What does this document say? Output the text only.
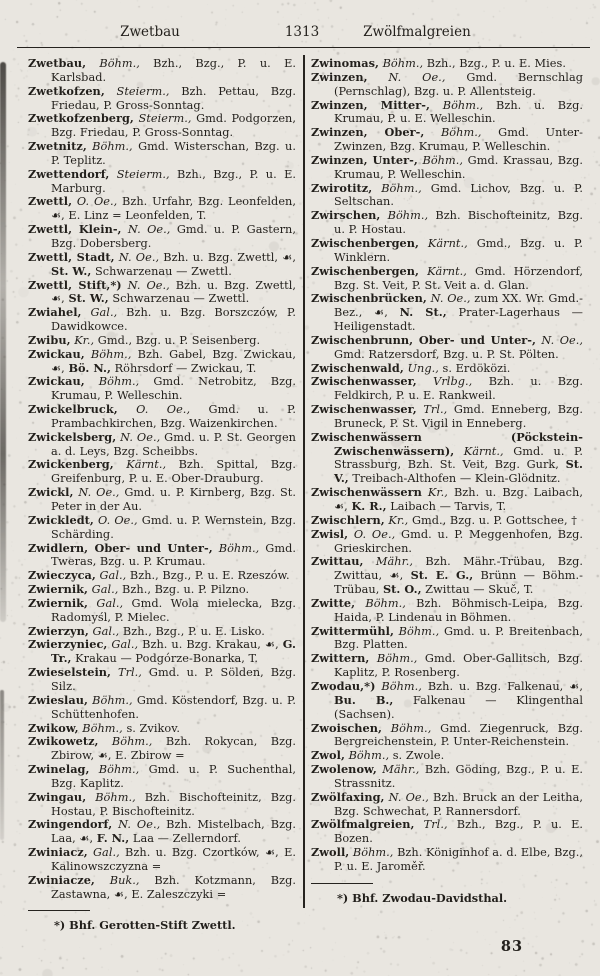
Zwetbau	1313	Zwölfmalgreien

Zwetbau, Böhm., Bzh., Bzg., P. u. E. Karlsbad.

Zwetkofzen, Steierm., Bzh. Pettau, Bzg. Friedau, P. Gross-Sonntag.

Zwetkofzenberg, Steierm., Gmd. Podgorzen, Bzg. Friedau, P. Gross-Sonntag.

Zwetnitz, Böhm., Gmd. Wisterschan, Bzg. u. P. Teplitz.

Zwettendorf, Steierm., Bzh., Bzg., P. u. E. Marburg.

Zwettl, O. Oe., Bzh. Urfahr, Bzg. Leonfelden, ☙, E. Linz = Leonfelden, T.

Zwettl, Klein-, N. Oe., Gmd. u. P. Gastern, Bzg. Dobersberg.

Zwettl, Stadt, N. Oe., Bzh. u. Bzg. Zwettl, ☙, St. W., Schwarzenau — Zwettl.

Zwettl, Stift,*) N. Oe., Bzh. u. Bzg. Zwettl, ☙, St. W., Schwarzenau — Zwettl.

Zwiahel, Gal., Bzh. u. Bzg. Borszczów, P. Dawidkowce.

Zwibu, Kr., Gmd., Bzg. u. P. Seisenberg.

Zwickau, Böhm., Bzh. Gabel, Bzg. Zwickau, ☙, Bö. N., Röhrsdorf — Zwickau, T.

Zwickau, Böhm., Gmd. Netrobitz, Bzg. Krumau, P. Welleschin.

Zwickelbruck, O. Oe., Gmd. u. P. Prambachkirchen, Bzg. Waizenkirchen.

Zwickelsberg, N. Oe., Gmd. u. P. St. Georgen a. d. Leys, Bzg. Scheibbs.

Zwickenberg, Kärnt., Bzh. Spittal, Bzg. Greifenburg, P. u. E. Ober-Drauburg.

Zwickl, N. Oe., Gmd. u. P. Kirnberg, Bzg. St. Peter in der Au.

Zwickledt, O. Oe., Gmd. u. P. Wernstein, Bzg. Schärding.

Zwidlern, Ober- und Unter-, Böhm., Gmd. Tweras, Bzg. u. P. Krumau.

Zwieczyca, Gal., Bzh., Bzg., P. u. E. Rzeszów.

Zwiernik, Gal., Bzh., Bzg. u. P. Pilzno.

Zwiernik, Gal., Gmd. Wola mielecka, Bzg. Radomyśl, P. Mielec.

Zwierzyn, Gal., Bzh., Bzg., P. u. E. Lisko.

Zwierzyniec, Gal., Bzh. u. Bzg. Krakau, ☙, G. Tr., Krakau — Podgórze-Bonarka, T.

Zwieselstein, Trl., Gmd. u. P. Sölden, Bzg. Silz.

Zwieslau, Böhm., Gmd. Köstendorf, Bzg. u. P. Schüttenhofen.

Zwikow, Böhm., s. Zvikov.

Zwikowetz, Böhm., Bzh. Rokycan, Bzg. Zbirow, ☙, E. Zbirow =

Zwinelag, Böhm., Gmd. u. P. Suchenthal, Bzg. Kaplitz.

Zwingau, Böhm., Bzh. Bischofteinitz, Bzg. Hostau, P. Bischofteinitz.

Zwingendorf, N. Oe., Bzh. Mistelbach, Bzg. Laa, ☙, F. N., Laa — Zellerndorf.

Zwiniacz, Gal., Bzh. u. Bzg. Czortków, ☙, E. Kalinowszczyzna =

Zwiniacze, Buk., Bzh. Kotzmann, Bzg. Zastawna, ☙, E. Zaleszczyki =

*) Bhf. Gerotten-Stift Zwettl.

Zwinomas, Böhm., Bzh., Bzg., P. u. E. Mies.

Zwinzen, N. Oe., Gmd. Bernschlag (Pernschlag), Bzg. u. P. Allentsteig.

Zwinzen, Mitter-, Böhm., Bzh. u. Bzg. Krumau, P. u. E. Welleschin.

Zwinzen, Ober-, Böhm., Gmd. Unter-Zwinzen, Bzg. Krumau, P. Welleschin.

Zwinzen, Unter-, Böhm., Gmd. Krassau, Bzg. Krumau, P. Welleschin.

Zwirotitz, Böhm., Gmd. Lichov, Bzg. u. P. Seltschan.

Zwirschen, Böhm., Bzh. Bischofteinitz, Bzg. u. P. Hostau.

Zwischenbergen, Kärnt., Gmd., Bzg. u. P. Winklern.

Zwischenbergen, Kärnt., Gmd. Hörzendorf, Bzg. St. Veit, P. St. Veit a. d. Glan.

Zwischenbrücken, N. Oe., zum XX. Wr. Gmd.-Bez., ☙, N. St., Prater-Lagerhaus — Heiligenstadt.

Zwischenbrunn, Ober- und Unter-, N. Oe., Gmd. Ratzersdorf, Bzg. u. P. St. Pölten.

Zwischenwald, Ung., s. Erdöközi.

Zwischenwasser, Vrlbg., Bzh. u. Bzg. Feldkirch, P. u. E. Rankweil.

Zwischenwasser, Trl., Gmd. Enneberg, Bzg. Bruneck, P. St. Vigil in Enneberg.

Zwischenwässern (Pöckstein-Zwischenwässern), Kärnt., Gmd. u. P. Strassburg, Bzh. St. Veit, Bzg. Gurk, St. V., Treibach-Althofen — Klein-Glödnitz.

Zwischenwässern Kr., Bzh. u. Bzg. Laibach, ☙, K. R., Laibach — Tarvis, T.

Zwischlern, Kr., Gmd., Bzg. u. P. Gottschee, †

Zwisl, O. Oe., Gmd. u. P. Meggenhofen, Bzg. Grieskirchen.

Zwittau, Mähr., Bzh. Mähr.-Trübau, Bzg. Zwittau, ☙, St. E. G., Brünn — Böhm.-Trübau, St. O., Zwittau — Skuč, T.

Zwitte, Böhm., Bzh. Böhmisch-Leipa, Bzg. Haida, P. Lindenau in Böhmen.

Zwittermühl, Böhm., Gmd. u. P. Breitenbach, Bzg. Platten.

Zwittern, Böhm., Gmd. Ober-Gallitsch, Bzg. Kaplitz, P. Rosenberg.

Zwodau,*) Böhm., Bzh. u. Bzg. Falkenau, ☙, Bu. B., Falkenau — Klingenthal (Sachsen).

Zwoischen, Böhm., Gmd. Ziegenruck, Bzg. Bergreichenstein, P. Unter-Reichenstein.

Zwol, Böhm., s. Zwole.

Zwolenow, Mähr., Bzh. Göding, Bzg., P. u. E. Strassnitz.

Zwölfaxing, N. Oe., Bzh. Bruck an der Leitha, Bzg. Schwechat, P. Rannersdorf.

Zwölfmalgreien, Trl., Bzh., Bzg., P. u. E. Bozen.

Zwoll, Böhm., Bzh. Königinhof a. d. Elbe, Bzg., P. u. E. Jaroměř.

*) Bhf. Zwodau-Davidsthal.

83
